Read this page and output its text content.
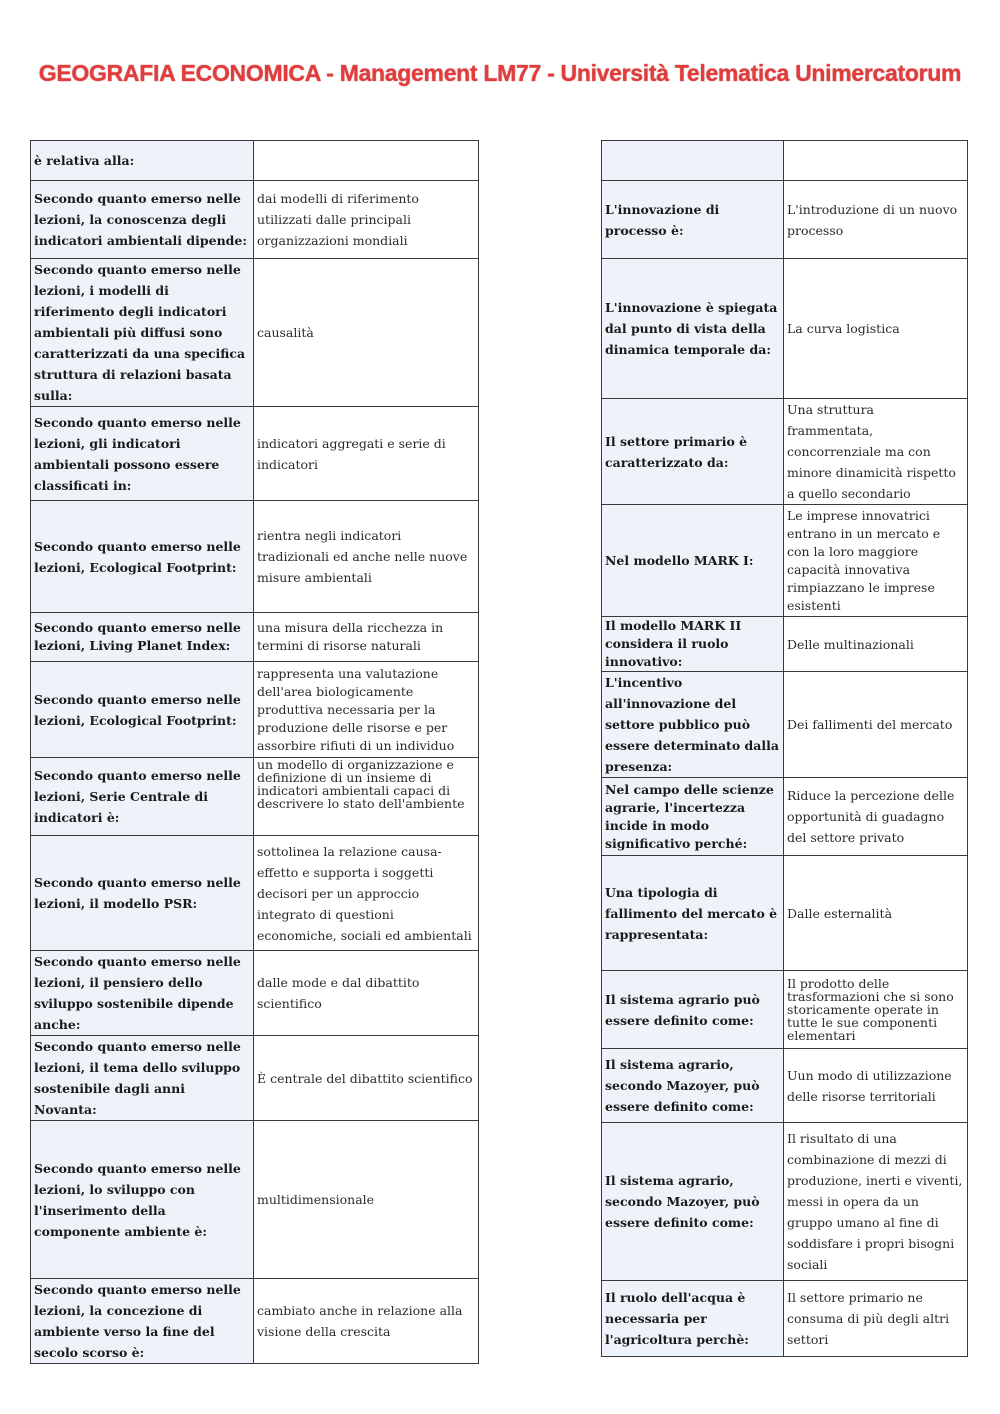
GEOGRAFIA ECONOMICA - Management LM77 - Università Telematica Unimercatorum
è relativa alla:	
Secondo quanto emerso nelle lezioni, la conoscenza degli indicatori ambientali dipende:	dai modelli di riferimento utilizzati dalle principali organizzazioni mondiali
Secondo quanto emerso nelle lezioni, i modelli di riferimento degli indicatori ambientali più diffusi sono caratterizzati da una specifica struttura di relazioni basata sulla:	causalità
Secondo quanto emerso nelle lezioni, gli indicatori ambientali possono essere classificati in:	indicatori aggregati e serie di indicatori
Secondo quanto emerso nelle lezioni, Ecological Footprint:	rientra negli indicatori tradizionali ed anche nelle nuove misure ambientali
Secondo quanto emerso nelle lezioni, Living Planet Index:	una misura della ricchezza in termini di risorse naturali
Secondo quanto emerso nelle lezioni, Ecological Footprint:	rappresenta una valutazione dell'area biologicamente produttiva necessaria per la produzione delle risorse e per assorbire rifiuti di un individuo
Secondo quanto emerso nelle lezioni, Serie Centrale di indicatori è:	un modello di organizzazione e definizione di un insieme di indicatori ambientali capaci di descrivere lo stato dell'ambiente
Secondo quanto emerso nelle lezioni, il modello PSR:	sottolinea la relazione causa-effetto e supporta i soggetti decisori per un approccio integrato di questioni economiche, sociali ed ambientali
Secondo quanto emerso nelle lezioni, il pensiero dello sviluppo sostenibile dipende anche:	dalle mode e dal dibattito scientifico
Secondo quanto emerso nelle lezioni, il tema dello sviluppo sostenibile dagli anni Novanta:	È centrale del dibattito scientifico
Secondo quanto emerso nelle lezioni, lo sviluppo con l'inserimento della componente ambiente è:	multidimensionale
Secondo quanto emerso nelle lezioni, la concezione di ambiente verso la fine del secolo scorso è:	cambiato anche in relazione alla visione della crescita

L'innovazione di processo è:	L'introduzione di un nuovo processo
L'innovazione è spiegata dal punto di vista della dinamica temporale da:	La curva logistica
Il settore primario è caratterizzato da:	Una struttura frammentata, concorrenziale ma con minore dinamicità rispetto a quello secondario
Nel modello MARK I:	Le imprese innovatrici entrano in un mercato e con la loro maggiore capacità innovativa rimpiazzano le imprese esistenti
Il modello MARK II considera il ruolo innovativo:	Delle multinazionali
L'incentivo all'innovazione del settore pubblico può essere determinato dalla presenza:	Dei fallimenti del mercato
Nel campo delle scienze agrarie, l'incertezza incide in modo significativo perché:	Riduce la percezione delle opportunità di guadagno del settore privato
Una tipologia di fallimento del mercato è rappresentata:	Dalle esternalità
Il sistema agrario può essere definito come:	Il prodotto delle trasformazioni che si sono storicamente operate in tutte le sue componenti elementari
Il sistema agrario, secondo Mazoyer, può essere definito come:	Uun modo di utilizzazione delle risorse territoriali
Il sistema agrario, secondo Mazoyer, può essere definito come:	Il risultato di una combinazione di mezzi di produzione, inerti e viventi, messi in opera da un gruppo umano al fine di soddisfare i propri bisogni sociali
Il ruolo dell'acqua è necessaria per l'agricoltura perchè:	Il settore primario ne consuma di più degli altri settori
